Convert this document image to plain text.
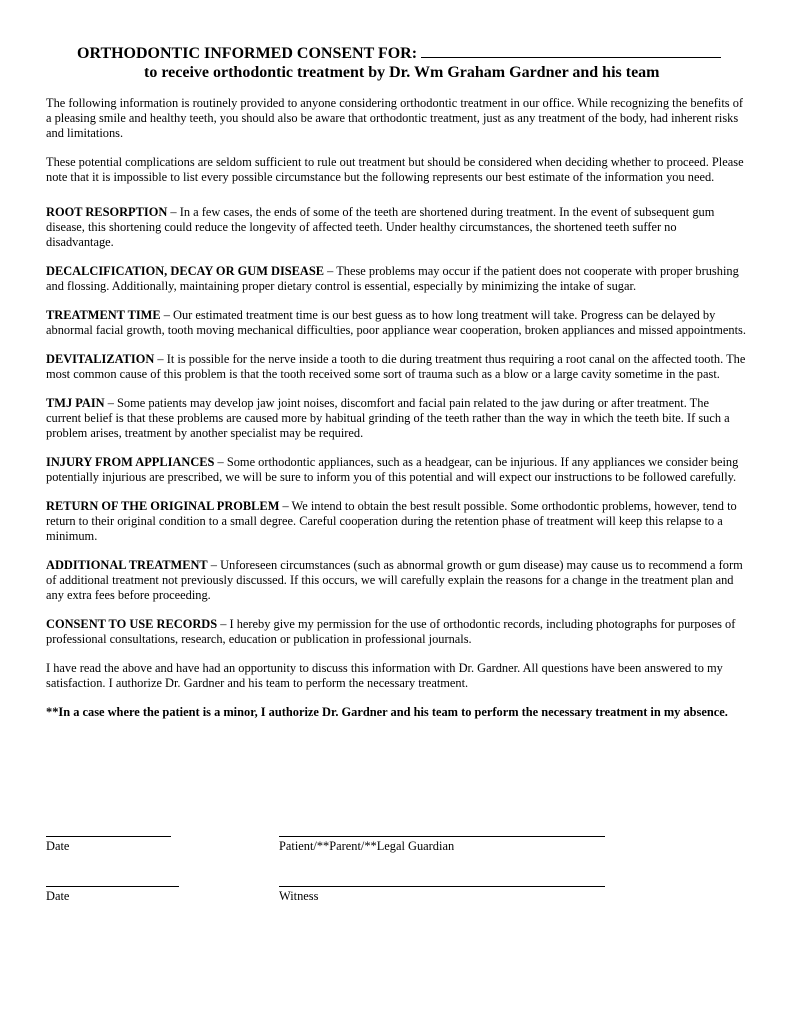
ORTHODONTIC INFORMED CONSENT FOR:
to receive orthodontic treatment by Dr. Wm Graham Gardner and his team

The following information is routinely provided to anyone considering orthodontic treatment in our office. While recognizing the benefits of a pleasing smile and healthy teeth, you should also be aware that orthodontic treatment, just as any treatment of the body, had inherent risks and limitations.

These potential complications are seldom sufficient to rule out treatment but should be considered when deciding whether to proceed. Please note that it is impossible to list every possible circumstance but the following represents our best estimate of the information you need.

ROOT RESORPTION – In a few cases, the ends of some of the teeth are shortened during treatment. In the event of subsequent gum disease, this shortening could reduce the longevity of affected teeth. Under healthy circumstances, the shortened teeth suffer no disadvantage.

DECALCIFICATION, DECAY OR GUM DISEASE – These problems may occur if the patient does not cooperate with proper brushing and flossing. Additionally, maintaining proper dietary control is essential, especially by minimizing the intake of sugar.

TREATMENT TIME – Our estimated treatment time is our best guess as to how long treatment will take. Progress can be delayed by abnormal facial growth, tooth moving mechanical difficulties, poor appliance wear cooperation, broken appliances and missed appointments.

DEVITALIZATION – It is possible for the nerve inside a tooth to die during treatment thus requiring a root canal on the affected tooth. The most common cause of this problem is that the tooth received some sort of trauma such as a blow or a large cavity sometime in the past.

TMJ PAIN – Some patients may develop jaw joint noises, discomfort and facial pain related to the jaw during or after treatment. The current belief is that these problems are caused more by habitual grinding of the teeth rather than the way in which the teeth bite. If such a problem arises, treatment by another specialist may be required.

INJURY FROM APPLIANCES – Some orthodontic appliances, such as a headgear, can be injurious. If any appliances we consider being potentially injurious are prescribed, we will be sure to inform you of this potential and will expect our instructions to be followed carefully.

RETURN OF THE ORIGINAL PROBLEM – We intend to obtain the best result possible. Some orthodontic problems, however, tend to return to their original condition to a small degree. Careful cooperation during the retention phase of treatment will keep this relapse to a minimum.

ADDITIONAL TREATMENT – Unforeseen circumstances (such as abnormal growth or gum disease) may cause us to recommend a form of additional treatment not previously discussed. If this occurs, we will carefully explain the reasons for a change in the treatment plan and any extra fees before proceeding.

CONSENT TO USE RECORDS – I hereby give my permission for the use of orthodontic records, including photographs for purposes of professional consultations, research, education or publication in professional journals.

I have read the above and have had an opportunity to discuss this information with Dr. Gardner. All questions have been answered to my satisfaction. I authorize Dr. Gardner and his team to perform the necessary treatment.

**In a case where the patient is a minor, I authorize Dr. Gardner and his team to perform the necessary treatment in my absence.

Date	Patient/**Parent/**Legal Guardian
Date	Witness
